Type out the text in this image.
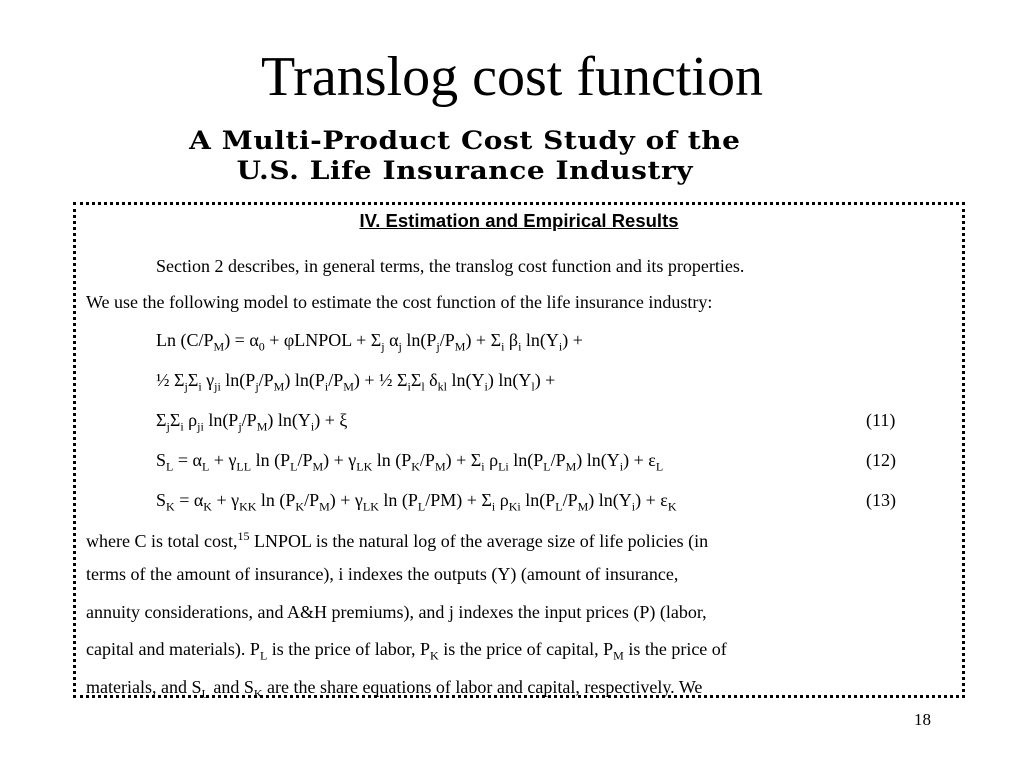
Translog cost function
A Multi-Product Cost Study of the
U.S. Life Insurance Industry
IV. Estimation and Empirical Results
Section 2 describes, in general terms, the translog cost function and its properties.
We use the following model to estimate the cost function of the life insurance industry:
Ln $(C/P_M) = \alpha_0$ + φLNPOL + $\Sigma_j$ $\alpha_j$ $\ln(P_j/P_M) + \Sigma_i$ $\beta_i$ $\ln(Y_i)$ +
½ $\Sigma_j\Sigma_i$ $\gamma_{ji}$ $\ln(P_j/P_M) \ln(P_i/P_M)$ + ½ $\Sigma_i\Sigma_l$ $\delta_{kl}$ $\ln(Y_i) \ln(Y_l)$ +
$\Sigma_j\Sigma_i$ $\rho_{ji}$ $\ln(P_j/P_M) \ln(Y_i) + \xi$	(11)
$S_L = \alpha_L + \gamma_{LL}$ $\ln (P_L/P_M) + \gamma_{LK}$ $\ln (P_K/P_M) + \Sigma_i$ $\rho_{Li}$ $\ln(P_L/P_M) \ln(Y_i) + \varepsilon_L$	(12)
$S_K = \alpha_K + \gamma_{KK}$ $\ln (P_K/P_M) + \gamma_{LK}$ $\ln (P_L/PM) + \Sigma_i$ $\rho_{Ki}$ $\ln(P_L/P_M) \ln(Y_i) + \varepsilon_K$	(13)
where C is total cost,$^{15}$ LNPOL is the natural log of the average size of life policies (in
terms of the amount of insurance), i indexes the outputs (Y) (amount of insurance,
annuity considerations, and A&H premiums), and j indexes the input prices (P) (labor,
capital and materials). $P_L$ is the price of labor, $P_K$ is the price of capital, $P_M$ is the price of
materials, and $S_L$ and $S_K$ are the share equations of labor and capital, respectively. We
18
